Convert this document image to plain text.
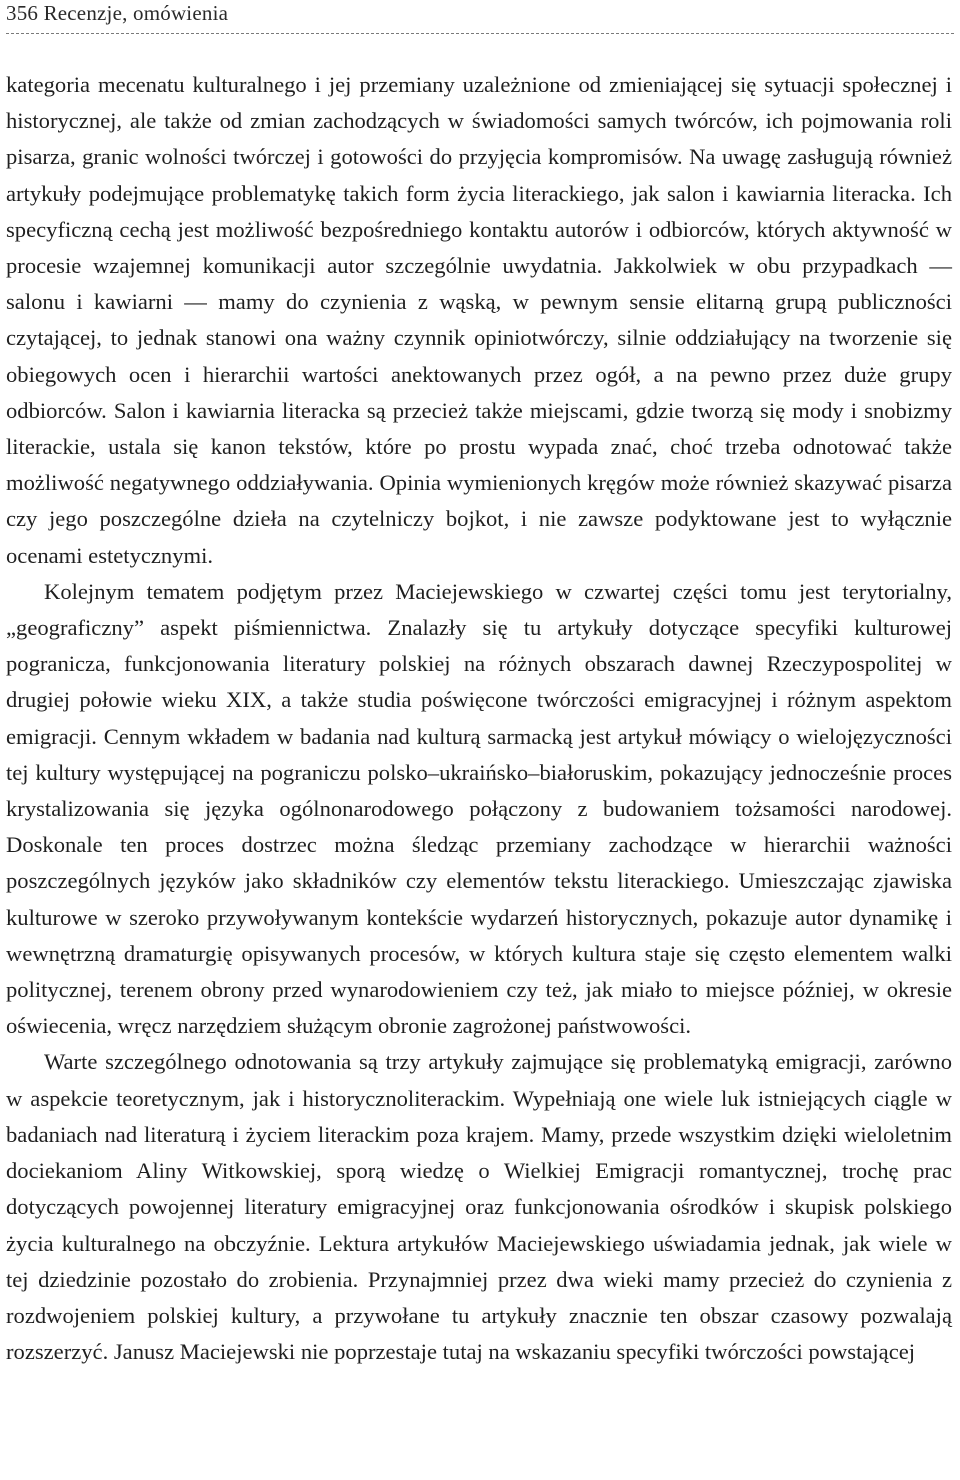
356 Recenzje, omówienia

kategoria mecenatu kulturalnego i jej przemiany uzależnione od zmieniającej się sytuacji społecznej i historycznej, ale także od zmian zachodzących w świadomości samych twórców, ich pojmowania roli pisarza, granic wolności twórczej i gotowości do przyjęcia kompromisów. Na uwagę zasługują również artykuły podejmujące problematykę takich form życia literackiego, jak salon i kawiarnia literacka. Ich specyficzną cechą jest możliwość bezpośredniego kontaktu autorów i odbiorców, których aktywność w procesie wzajemnej komunikacji autor szczególnie uwydatnia. Jakkolwiek w obu przypadkach — salonu i kawiarni — mamy do czynienia z wąską, w pewnym sensie elitarną grupą publiczności czytającej, to jednak stanowi ona ważny czynnik opiniotwórczy, silnie oddziałujący na tworzenie się obiegowych ocen i hierarchii wartości anektowanych przez ogół, a na pewno przez duże grupy odbiorców. Salon i kawiarnia literacka są przecież także miejscami, gdzie tworzą się mody i snobizmy literackie, ustala się kanon tekstów, które po prostu wypada znać, choć trzeba odnotować także możliwość negatywnego oddziaływania. Opinia wymienionych kręgów może również skazywać pisarza czy jego poszczególne dzieła na czytelniczy bojkot, i nie zawsze podyktowane jest to wyłącznie ocenami estetycznymi.

Kolejnym tematem podjętym przez Maciejewskiego w czwartej części tomu jest terytorialny, „geograficzny” aspekt piśmiennictwa. Znalazły się tu artykuły dotyczące specyfiki kulturowej pogranicza, funkcjonowania literatury polskiej na różnych obszarach dawnej Rzeczypospolitej w drugiej połowie wieku XIX, a także studia poświęcone twórczości emigracyjnej i różnym aspektom emigracji. Cennym wkładem w badania nad kulturą sarmacką jest artykuł mówiący o wielojęzyczności tej kultury występującej na pograniczu polsko–ukraińsko–białoruskim, pokazujący jednocześnie proces krystalizowania się języka ogólnonarodowego połączony z budowaniem tożsamości narodowej. Doskonale ten proces dostrzec można śledząc przemiany zachodzące w hierarchii ważności poszczególnych języków jako składników czy elementów tekstu literackiego. Umieszczając zjawiska kulturowe w szeroko przywoływanym kontekście wydarzeń historycznych, pokazuje autor dynamikę i wewnętrzną dramaturgię opisywanych procesów, w których kultura staje się często elementem walki politycznej, terenem obrony przed wynarodowieniem czy też, jak miało to miejsce później, w okresie oświecenia, wręcz narzędziem służącym obronie zagrożonej państwowości.

Warte szczególnego odnotowania są trzy artykuły zajmujące się problematyką emigracji, zarówno w aspekcie teoretycznym, jak i historycznoliterackim. Wypełniają one wiele luk istniejących ciągle w badaniach nad literaturą i życiem literackim poza krajem. Mamy, przede wszystkim dzięki wieloletnim dociekaniom Aliny Witkowskiej, sporą wiedzę o Wielkiej Emigracji romantycznej, trochę prac dotyczących powojennej literatury emigracyjnej oraz funkcjonowania ośrodków i skupisk polskiego życia kulturalnego na obczyźnie. Lektura artykułów Maciejewskiego uświadamia jednak, jak wiele w tej dziedzinie pozostało do zrobienia. Przynajmniej przez dwa wieki mamy przecież do czynienia z rozdwojeniem polskiej kultury, a przywołane tu artykuły znacznie ten obszar czasowy pozwalają rozszerzyć. Janusz Maciejewski nie poprzestaje tutaj na wskazaniu specyfiki twórczości powstającej
